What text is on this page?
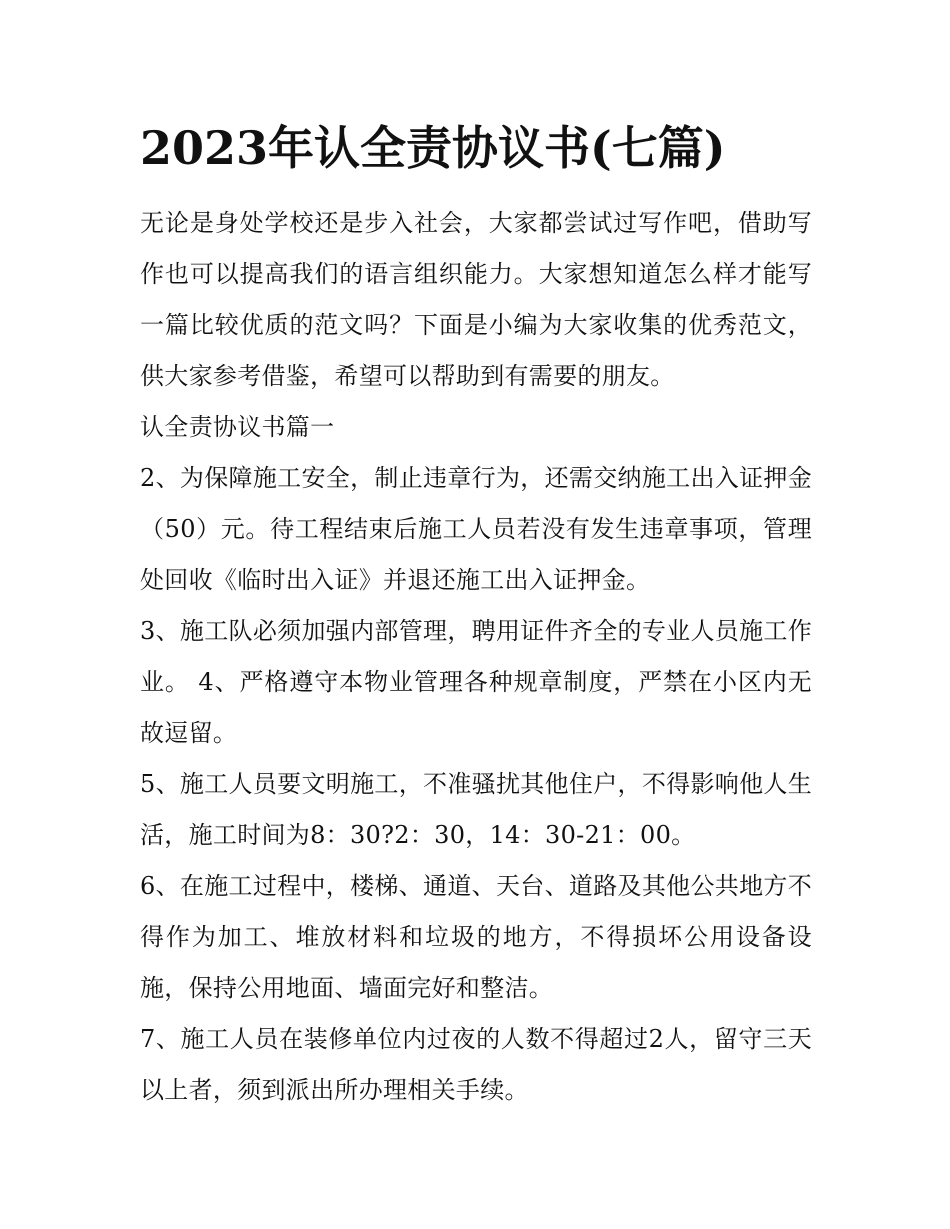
2023年认全责协议书(七篇)

无论是身处学校还是步入社会，大家都尝试过写作吧，借助写作也可以提高我们的语言组织能力。大家想知道怎么样才能写一篇比较优质的范文吗？下面是小编为大家收集的优秀范文，供大家参考借鉴，希望可以帮助到有需要的朋友。

认全责协议书篇一

2、为保障施工安全，制止违章行为，还需交纳施工出入证押金（50）元。待工程结束后施工人员若没有发生违章事项，管理处回收《临时出入证》并退还施工出入证押金。

3、施工队必须加强内部管理，聘用证件齐全的专业人员施工作业。 4、严格遵守本物业管理各种规章制度，严禁在小区内无故逗留。

5、施工人员要文明施工，不准骚扰其他住户，不得影响他人生活，施工时间为8：30?2：30，14：30-21：00。

6、在施工过程中，楼梯、通道、天台、道路及其他公共地方不得作为加工、堆放材料和垃圾的地方，不得损坏公用设备设施，保持公用地面、墙面完好和整洁。

7、施工人员在装修单位内过夜的人数不得超过2人，留守三天以上者，须到派出所办理相关手续。
